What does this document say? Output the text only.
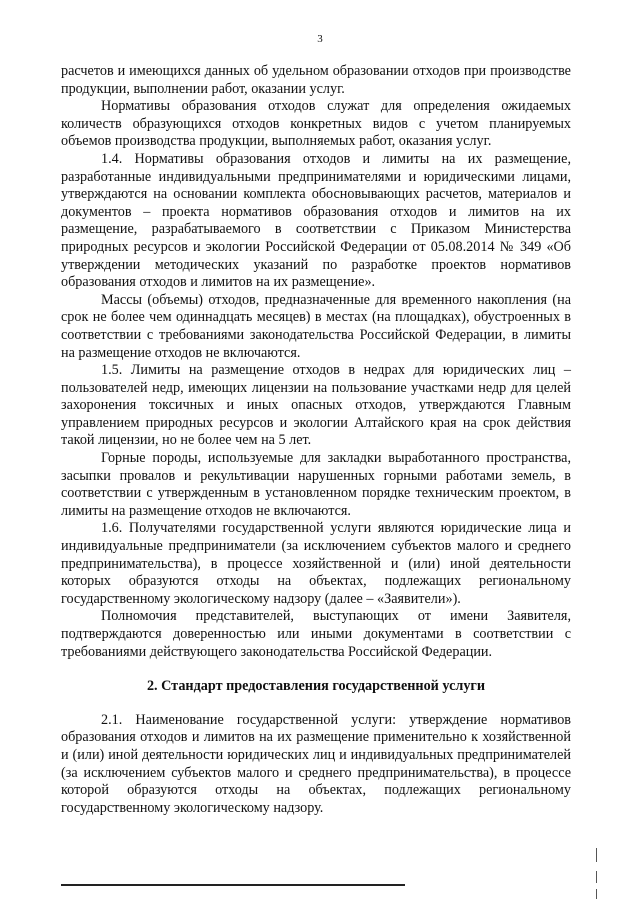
3

расчетов и имеющихся данных об удельном образовании отходов при производстве продукции, выполнении работ, оказании услуг.

Нормативы образования отходов служат для определения ожидаемых количеств образующихся отходов конкретных видов с учетом планируемых объемов производства продукции, выполняемых работ, оказания услуг.

1.4. Нормативы образования отходов и лимиты на их размещение, разработанные индивидуальными предпринимателями и юридическими лицами, утверждаются на основании комплекта обосновывающих расчетов, материалов и документов – проекта нормативов образования отходов и лимитов на их размещение, разрабатываемого в соответствии с Приказом Министерства природных ресурсов и экологии Российской Федерации от 05.08.2014 № 349 «Об утверждении методических указаний по разработке проектов нормативов образования отходов и лимитов на их размещение».

Массы (объемы) отходов, предназначенные для временного накопления (на срок не более чем одиннадцать месяцев) в местах (на площадках), обустроенных в соответствии с требованиями законодательства Российской Федерации, в лимиты на размещение отходов не включаются.

1.5. Лимиты на размещение отходов в недрах для юридических лиц – пользователей недр, имеющих лицензии на пользование участками недр для целей захоронения токсичных и иных опасных отходов, утверждаются Главным управлением природных ресурсов и экологии Алтайского края на срок действия такой лицензии, но не более чем на 5 лет.

Горные породы, используемые для закладки выработанного пространства, засыпки провалов и рекультивации нарушенных горными работами земель, в соответствии с утвержденным в установленном порядке техническим проектом, в лимиты на размещение отходов не включаются.

1.6. Получателями государственной услуги являются юридические лица и индивидуальные предприниматели (за исключением субъектов малого и среднего предпринимательства), в процессе хозяйственной и (или) иной деятельности которых образуются отходы на объектах, подлежащих региональному государственному экологическому надзору (далее – «Заявители»).

Полномочия представителей, выступающих от имени Заявителя, подтверждаются доверенностью или иными документами в соответствии с требованиями действующего законодательства Российской Федерации.

2. Стандарт предоставления государственной услуги

2.1. Наименование государственной услуги: утверждение нормативов образования отходов и лимитов на их размещение применительно к хозяйственной и (или) иной деятельности юридических лиц и индивидуальных предпринимателей (за исключением субъектов малого и среднего предпринимательства), в процессе которой образуются отходы на объектах, подлежащих региональному государственному экологическому надзору.
